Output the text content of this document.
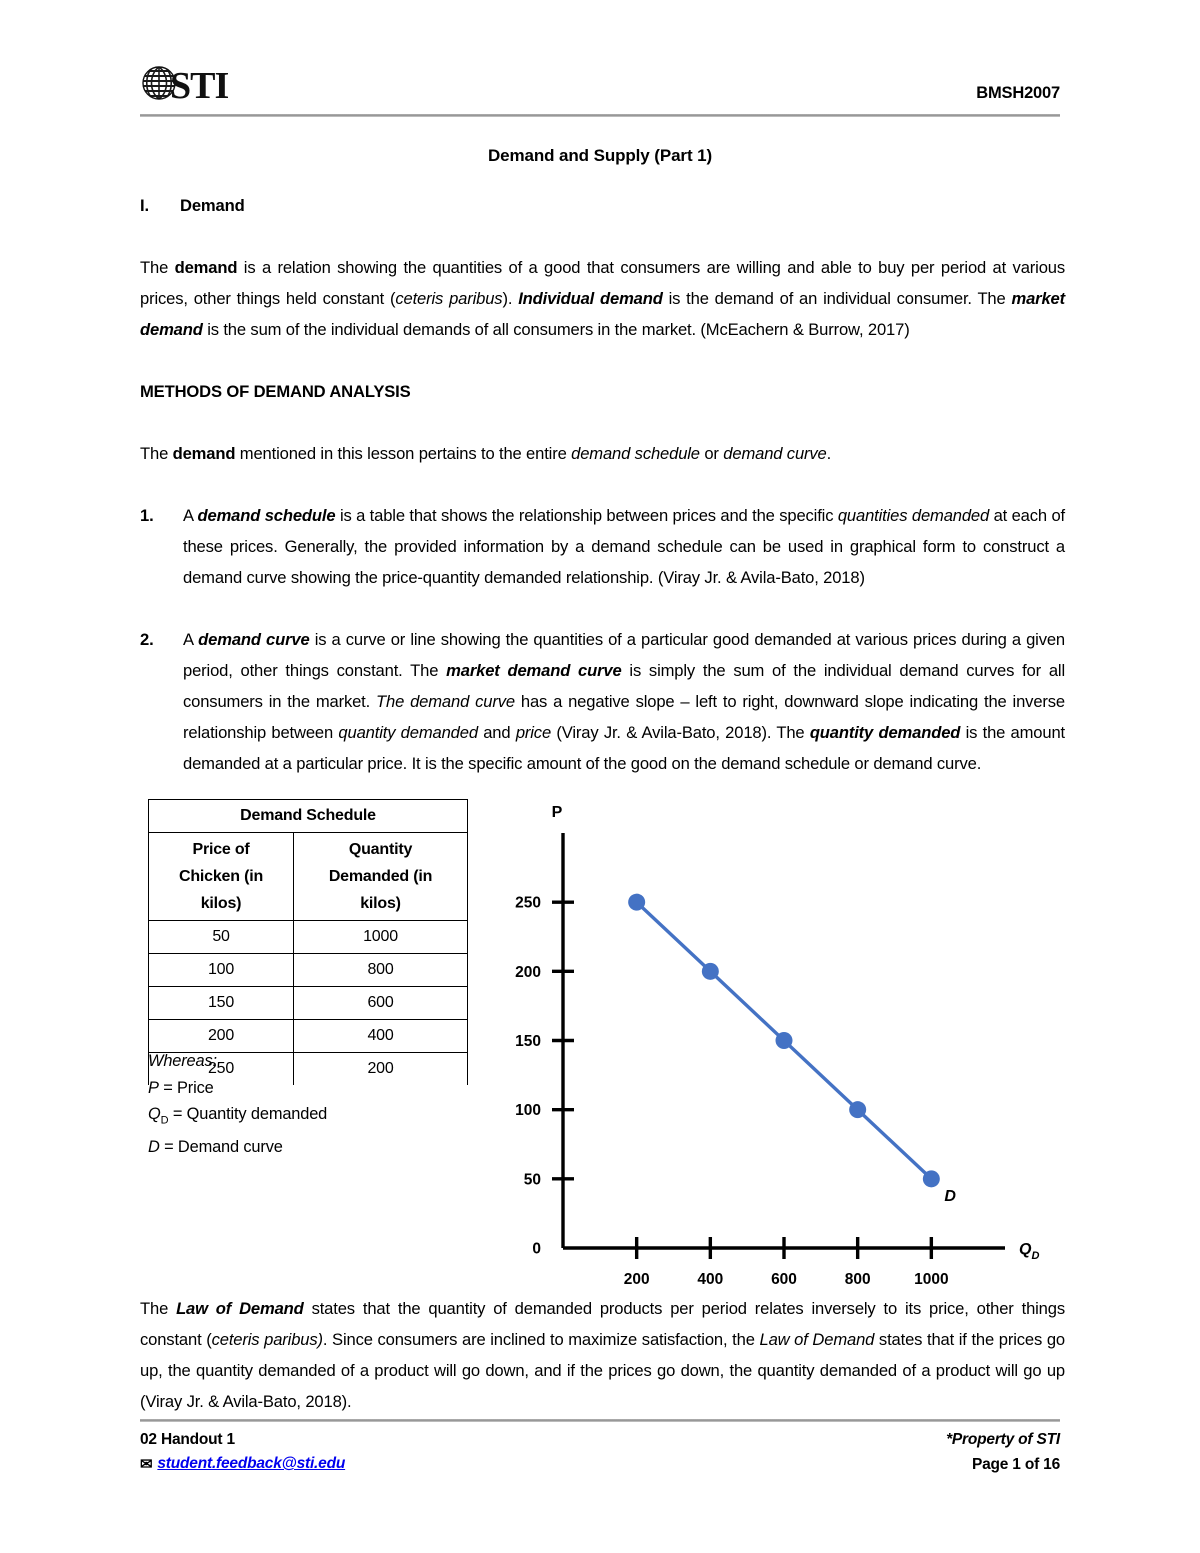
STI	BMSH2007
Demand and Supply (Part 1)
I. Demand

The demand is a relation showing the quantities of a good that consumers are willing and able to buy per period at various prices, other things held constant (ceteris paribus). Individual demand is the demand of an individual consumer. The market demand is the sum of the individual demands of all consumers in the market. (McEachern & Burrow, 2017)

METHODS OF DEMAND ANALYSIS

The demand mentioned in this lesson pertains to the entire demand schedule or demand curve.

1. A demand schedule is a table that shows the relationship between prices and the specific quantities demanded at each of these prices. Generally, the provided information by a demand schedule can be used in graphical form to construct a demand curve showing the price-quantity demanded relationship. (Viray Jr. & Avila-Bato, 2018)
2. A demand curve is a curve or line showing the quantities of a particular good demanded at various prices during a given period, other things constant. The market demand curve is simply the sum of the individual demand curves for all consumers in the market. The demand curve has a negative slope – left to right, downward slope indicating the inverse relationship between quantity demanded and price (Viray Jr. & Avila-Bato, 2018). The quantity demanded is the amount demanded at a particular price. It is the specific amount of the good on the demand schedule or demand curve.
Demand Schedule	
Price of
Chicken (in
kilos)	Quantity
Demanded (in
kilos)
50	1000
100	800
150	600
200	400
250	200
Whereas:
P = Price
$Q_D$ = Quantity demanded
D = Demand curve
0
50
100
150
200
250
200	400	600	800	1000
P
QD
D

The Law of Demand states that the quantity of demanded products per period relates inversely to its price, other things constant (ceteris paribus). Since consumers are inclined to maximize satisfaction, the Law of Demand states that if the prices go up, the quantity demanded of a product will go down, and if the prices go down, the quantity demanded of a product will go up (Viray Jr. & Avila-Bato, 2018).

02 Handout 1	*Property of STI
✉ student.feedback@sti.edu	Page 1 of 16
